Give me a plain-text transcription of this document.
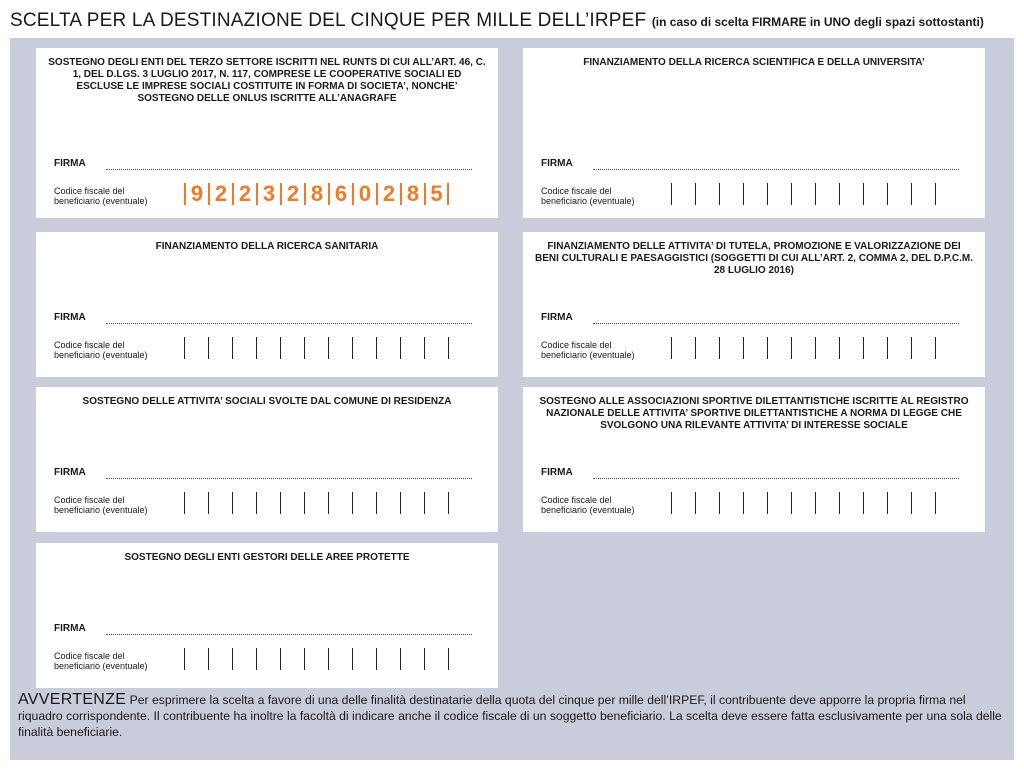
SCELTA PER LA DESTINAZIONE DEL CINQUE PER MILLE DELL’IRPEF (in caso di scelta FIRMARE in UNO degli spazi sottostanti)
SOSTEGNO DEGLI ENTI DEL TERZO SETTORE ISCRITTI NEL RUNTS DI CUI ALL’ART. 46, C. 1, DEL D.LGS. 3 LUGLIO 2017, N. 117, COMPRESE LE COOPERATIVE SOCIALI ED ESCLUSE LE IMPRESE SOCIALI COSTITUITE IN FORMA DI SOCIETA’, NONCHE’ SOSTEGNO DELLE ONLUS ISCRITTE ALL’ANAGRAFE
FIRMA
Codice fiscale del
beneficiario (eventuale)	9 2 2 3 2 8 6 0 2 8 5
FINANZIAMENTO DELLA RICERCA SCIENTIFICA E DELLA UNIVERSITA’
FIRMA
Codice fiscale del
beneficiario (eventuale)
FINANZIAMENTO DELLA RICERCA SANITARIA
FIRMA
Codice fiscale del
beneficiario (eventuale)
FINANZIAMENTO DELLE ATTIVITA’ DI TUTELA, PROMOZIONE E VALORIZZAZIONE DEI BENI CULTURALI E PAESAGGISTICI (SOGGETTI DI CUI ALL’ART. 2, COMMA 2, DEL D.P.C.M. 28 LUGLIO 2016)
FIRMA
Codice fiscale del
beneficiario (eventuale)
SOSTEGNO DELLE ATTIVITA’ SOCIALI SVOLTE DAL COMUNE DI RESIDENZA
FIRMA
Codice fiscale del
beneficiario (eventuale)
SOSTEGNO ALLE ASSOCIAZIONI SPORTIVE DILETTANTISTICHE ISCRITTE AL REGISTRO NAZIONALE DELLE ATTIVITA’ SPORTIVE DILETTANTISTICHE A NORMA DI LEGGE CHE SVOLGONO UNA RILEVANTE ATTIVITA’ DI INTERESSE SOCIALE
FIRMA
Codice fiscale del
beneficiario (eventuale)
SOSTEGNO DEGLI ENTI GESTORI DELLE AREE PROTETTE
FIRMA
Codice fiscale del
beneficiario (eventuale)
AVVERTENZE Per esprimere la scelta a favore di una delle finalità destinatarie della quota del cinque per mille dell’IRPEF, il contribuente deve apporre la propria firma nel riquadro corrispondente. Il contribuente ha inoltre la facoltà di indicare anche il codice fiscale di un soggetto beneficiario. La scelta deve essere fatta esclusivamente per una sola delle finalità beneficiarie.
